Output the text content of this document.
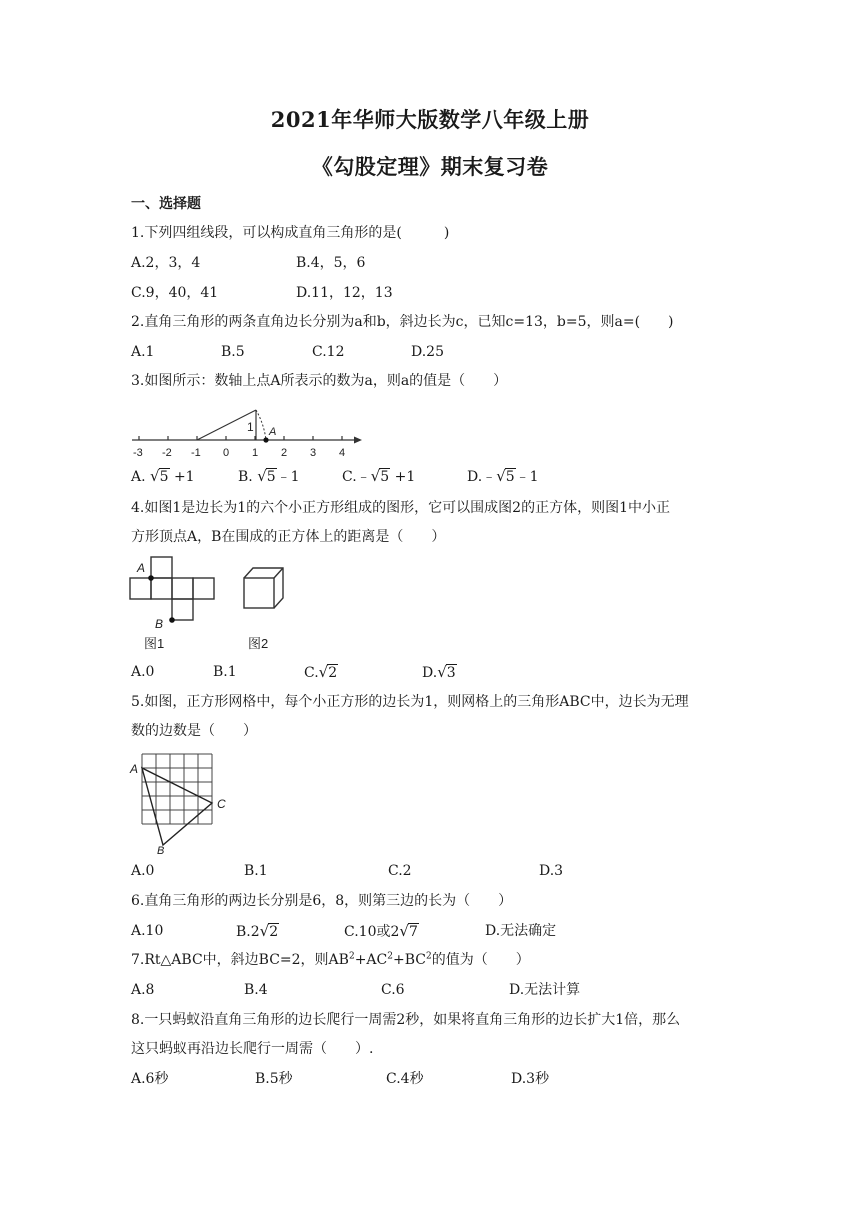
2021年华师大版数学八年级上册
《勾股定理》期末复习卷
一、选择题
1.下列四组线段，可以构成直角三角形的是(　　　)
A.2，3，4	B.4，5，6
C.9，40，41	D.11，12，13
2.直角三角形的两条直角边长分别为a和b，斜边长为c，已知c=13，b=5，则a=(　　)
A.1	B.5	C.12	D.25
3.如图所示：数轴上点A所表示的数为a，则a的值是（　　）
1 A
-3 -2 -1 0 1 2 3 4
A. √5 +1	B. √5﹣1	C.﹣√5 +1	D.﹣√5﹣1
4.如图1是边长为1的六个小正方形组成的图形，它可以围成图2的正方体，则图1中小正
方形顶点A，B在围成的正方体上的距离是（　　）
A
B
图1	图2
A.0	B.1	C.√2	D.√3
5.如图，正方形网格中，每个小正方形的边长为1，则网格上的三角形ABC中，边长为无理
数的边数是（　　）
A
B
C
A.0	B.1	C.2	D.3
6.直角三角形的两边长分别是6，8，则第三边的长为（　　）
A.10	B.2√2	C.10或2√7	D.无法确定
7.Rt△ABC中，斜边BC=2，则$AB^2+AC^2+BC^2$的值为（　　）
A.8	B.4	C.6	D.无法计算
8.一只蚂蚁沿直角三角形的边长爬行一周需2秒，如果将直角三角形的边长扩大1倍，那么
这只蚂蚁再沿边长爬行一周需（　　）.
A.6秒	B.5秒	C.4秒	D.3秒
